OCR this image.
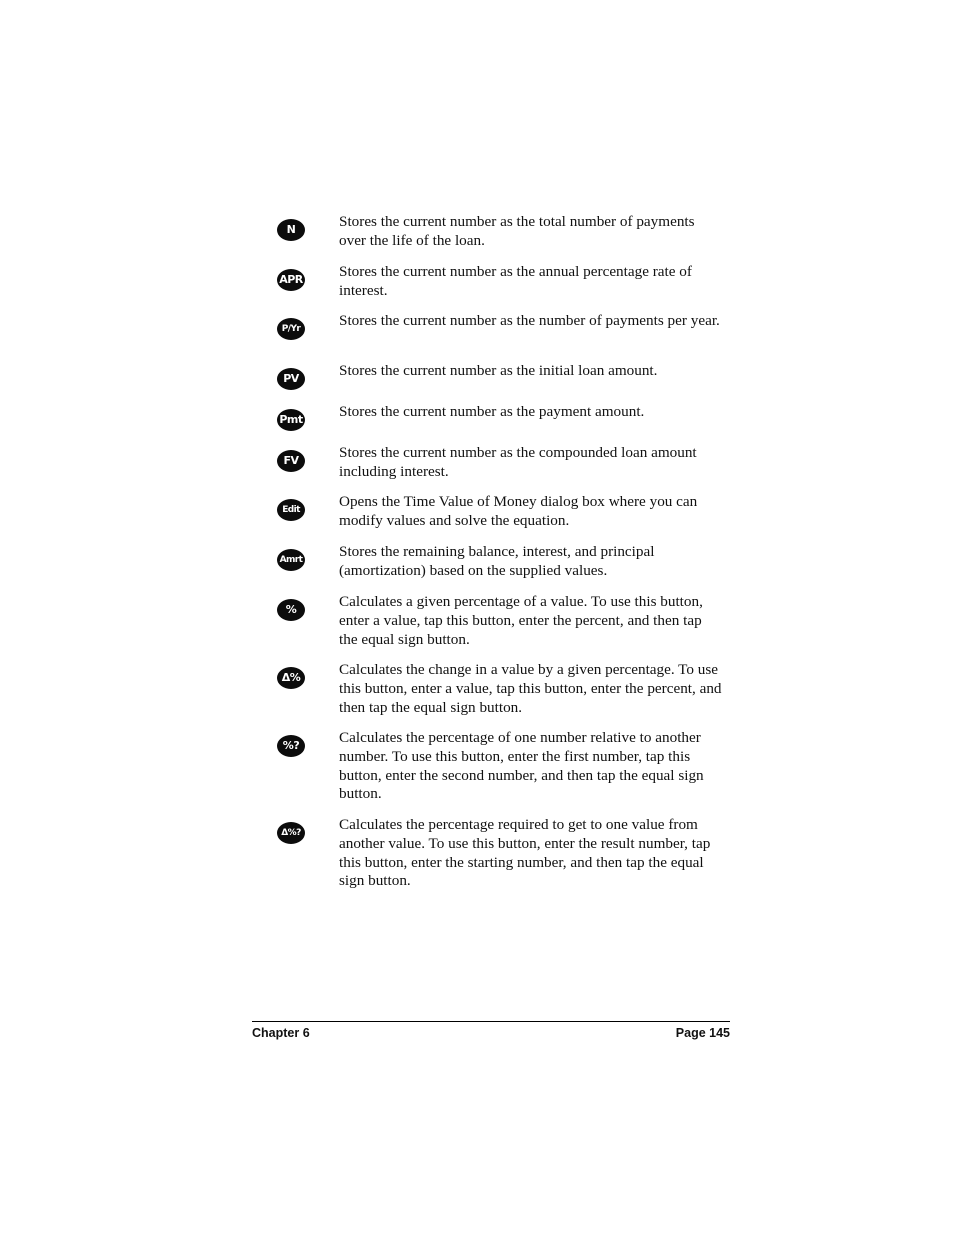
N	Stores the current number as the total number of payments over the life of the loan.

APR Stores the current number as the annual percentage rate of interest.

P/Yr	Stores the current number as the number of payments per year.

PV	Stores the current number as the initial loan amount.

Pmt Stores the current number as the payment amount.

FV	Stores the current number as the compounded loan amount including interest.

Edit	Opens the Time Value of Money dialog box where you can modify values and solve the equation.

Amrt Stores the remaining balance, interest, and principal (amortization) based on the supplied values.

%	Calculates a given percentage of a value. To use this button, enter a value, tap this button, enter the percent, and then tap the equal sign button.

Δ%	Calculates the change in a value by a given percentage. To use this button, enter a value, tap this button, enter the percent, and then tap the equal sign button.

%?	Calculates the percentage of one number relative to another number. To use this button, enter the first number, tap this button, enter the second number, and then tap the equal sign button.

Δ%?	Calculates the percentage required to get to one value from another value. To use this button, enter the result number, tap this button, enter the starting number, and then tap the equal sign button.

Chapter 6	Page 145
